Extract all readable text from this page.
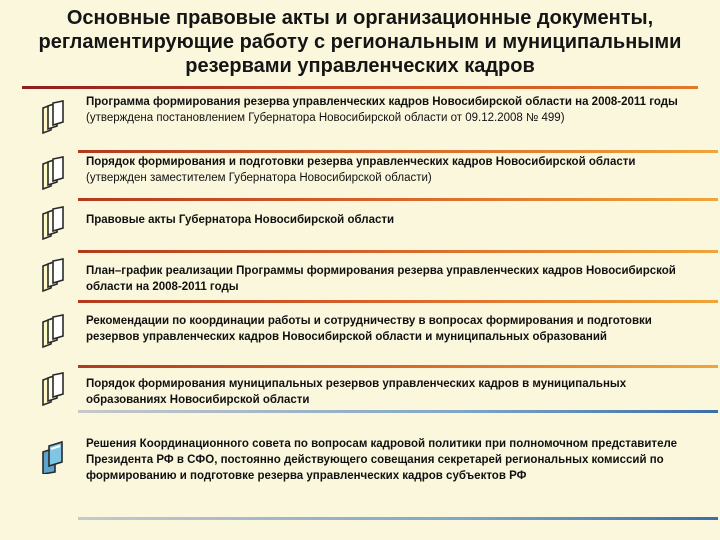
Основные правовые акты и организационные документы, регламентирующие работу с региональным и муниципальными резервами управленческих кадров
Программа формирования резерва управленческих кадров Новосибирской области на 2008-2011 годы (утверждена постановлением Губернатора Новосибирской области от 09.12.2008 № 499)
Порядок формирования и подготовки резерва управленческих кадров Новосибирской области (утвержден заместителем Губернатора Новосибирской области)
Правовые акты Губернатора Новосибирской области
План–график реализации Программы формирования резерва управленческих кадров Новосибирской области на 2008-2011 годы
Рекомендации по координации работы и сотрудничеству в вопросах формирования и подготовки резервов управленческих кадров Новосибирской области и муниципальных образований
Порядок формирования муниципальных резервов управленческих кадров в муниципальных образованиях Новосибирской области
Решения Координационного совета по вопросам кадровой политики при полномочном представителе Президента РФ в СФО, постоянно действующего совещания секретарей региональных комиссий по формированию и подготовке резерва управленческих кадров субъектов РФ
